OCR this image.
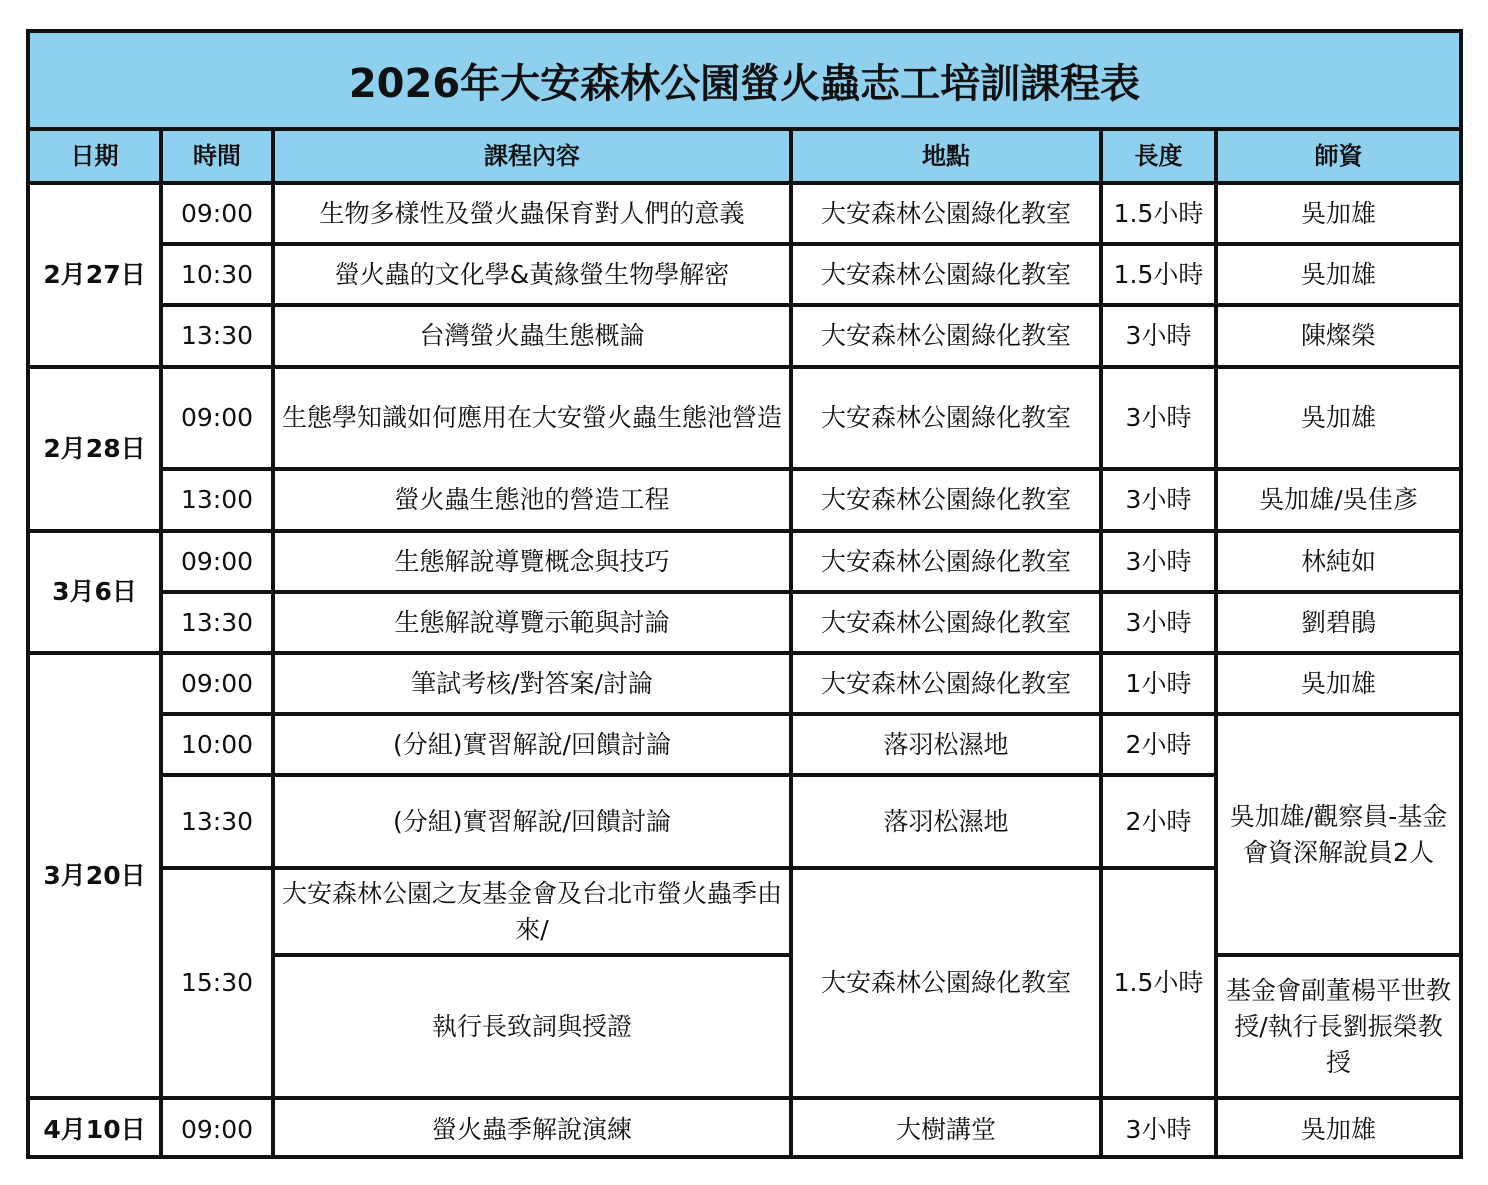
2026年大安森林公園螢火蟲志工培訓課程表
日期	時間	課程內容	地點	長度	師資
2月27日	09:00	生物多樣性及螢火蟲保育對人們的意義	大安森林公園綠化教室	1.5小時	吳加雄
	10:30	螢火蟲的文化學&黃緣螢生物學解密	大安森林公園綠化教室	1.5小時	吳加雄
	13:30	台灣螢火蟲生態概論	大安森林公園綠化教室	3小時	陳燦榮
2月28日	09:00	生態學知識如何應用在大安螢火蟲生態池營造	大安森林公園綠化教室	3小時	吳加雄
	13:00	螢火蟲生態池的營造工程	大安森林公園綠化教室	3小時	吳加雄/吳佳彥
3月6日	09:00	生態解說導覽概念與技巧	大安森林公園綠化教室	3小時	林純如
	13:30	生態解說導覽示範與討論	大安森林公園綠化教室	3小時	劉碧鵑
3月20日	09:00	筆試考核/對答案/討論	大安森林公園綠化教室	1小時	吳加雄
	10:00	(分組)實習解說/回饋討論	落羽松濕地	2小時	吳加雄/觀察員-基金會資深解說員2人
	13:30	(分組)實習解說/回饋討論	落羽松濕地	2小時	
	15:30	大安森林公園之友基金會及台北市螢火蟲季由來/	大安森林公園綠化教室	1.5小時	
		執行長致詞與授證			基金會副董楊平世教授/執行長劉振榮教授
4月10日	09:00	螢火蟲季解說演練	大樹講堂	3小時	吳加雄
